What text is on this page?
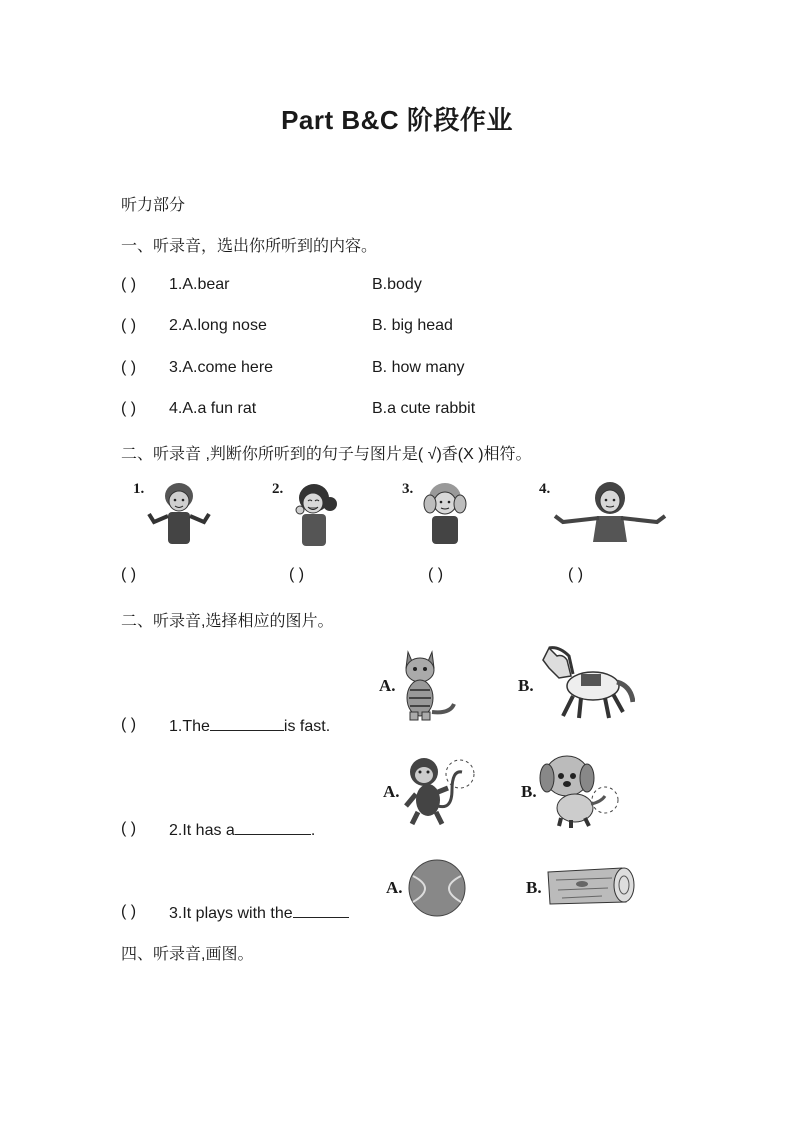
Part B&C 阶段作业
听力部分
一、听录音，选出你所听到的内容。
( ) 1.A.bear	B.body
( ) 2.A.long nose	B. big head
( ) 3.A.come here	B. how many
( ) 4.A.a fun rat	B.a cute rabbit
二、听录音 ,判断你所听到的句子与图片是( √)香(X )相符。
1.	2.	3.	4.
( )	( )	( )	( )
二、听录音,选择相应的图片。
( ) 1.The	is fast.
A.	B.
( ) 2.It has a	.
A.	B.
( ) 3.It plays with the
A.	B.
四、听录音,画图。
